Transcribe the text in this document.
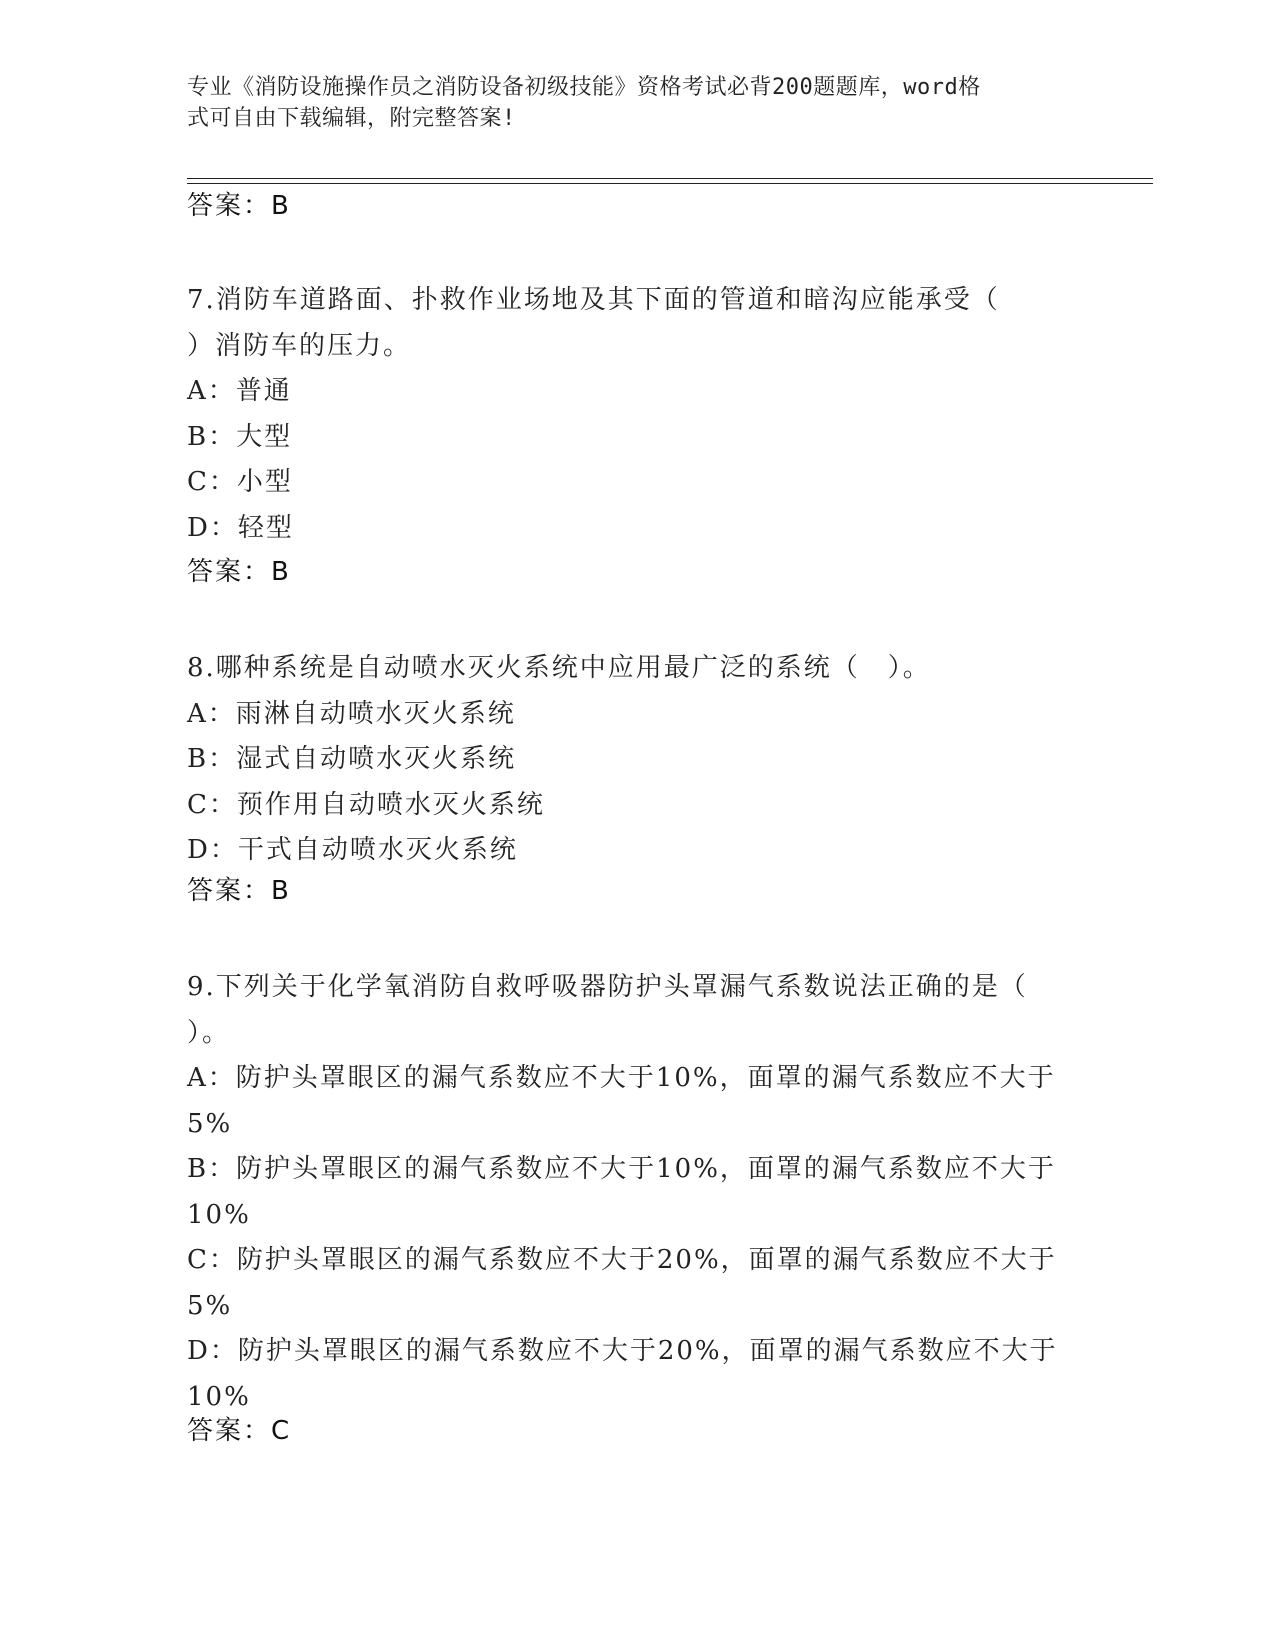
专业《消防设施操作员之消防设备初级技能》资格考试必背200题题库，word格
式可自由下载编辑，附完整答案!
答案：B

7.消防车道路面、扑救作业场地及其下面的管道和暗沟应能承受（

）消防车的压力。

A：普通

B：大型

C：小型

D：轻型

答案：B

8.哪种系统是自动喷水灭火系统中应用最广泛的系统（　）。

A：雨淋自动喷水灭火系统

B：湿式自动喷水灭火系统

C：预作用自动喷水灭火系统

D：干式自动喷水灭火系统

答案：B

9.下列关于化学氧消防自救呼吸器防护头罩漏气系数说法正确的是（

）。

A：防护头罩眼区的漏气系数应不大于10%，面罩的漏气系数应不大于

5%

B：防护头罩眼区的漏气系数应不大于10%，面罩的漏气系数应不大于

10%

C：防护头罩眼区的漏气系数应不大于20%，面罩的漏气系数应不大于

5%

D：防护头罩眼区的漏气系数应不大于20%，面罩的漏气系数应不大于

10%

答案：C
